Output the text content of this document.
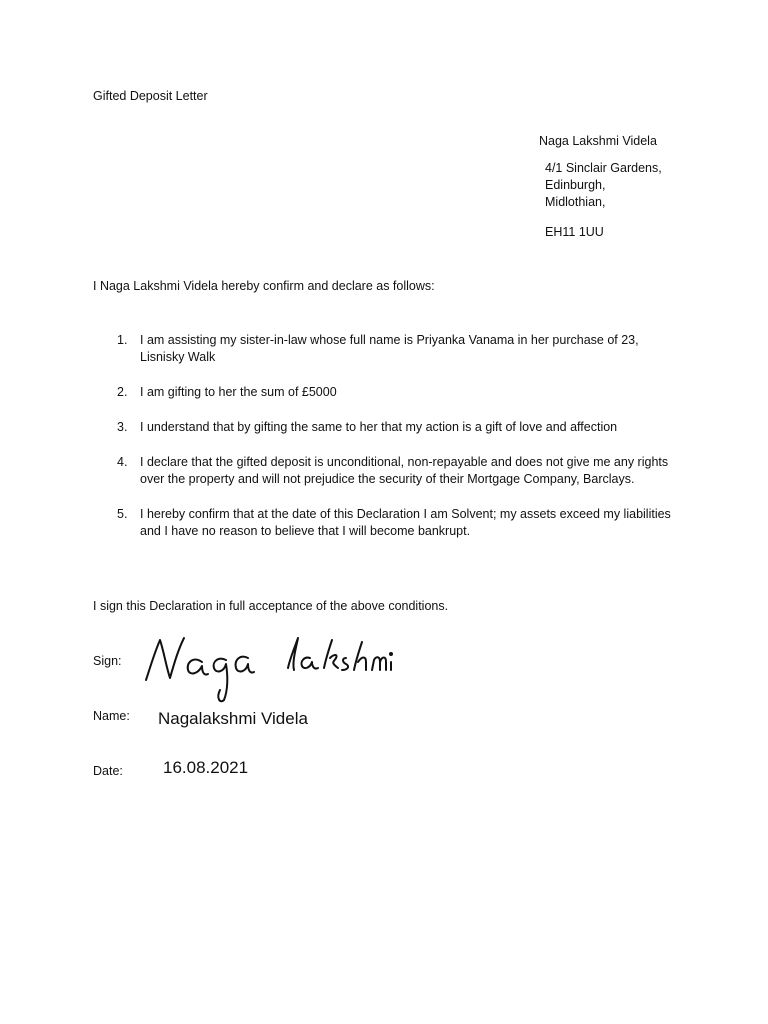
Gifted Deposit Letter
Naga Lakshmi Videla
4/1 Sinclair Gardens,
Edinburgh,
Midlothian,
EH11 1UU
I Naga Lakshmi Videla hereby confirm and declare as follows:
1. I am assisting my sister-in-law whose full name is Priyanka Vanama in her purchase of 23, Lisnisky Walk
2. I am gifting to her the sum of £5000
3. I understand that by gifting the same to her that my action is a gift of love and affection
4. I declare that the gifted deposit is unconditional, non-repayable and does not give me any rights over the property and will not prejudice the security of their Mortgage Company, Barclays.
5. I hereby confirm that at the date of this Declaration I am Solvent; my assets exceed my liabilities and I have no reason to believe that I will become bankrupt.
I sign this Declaration in full acceptance of the above conditions.
Sign:
Name: Nagalakshmi Videla
Date: 16.08.2021
